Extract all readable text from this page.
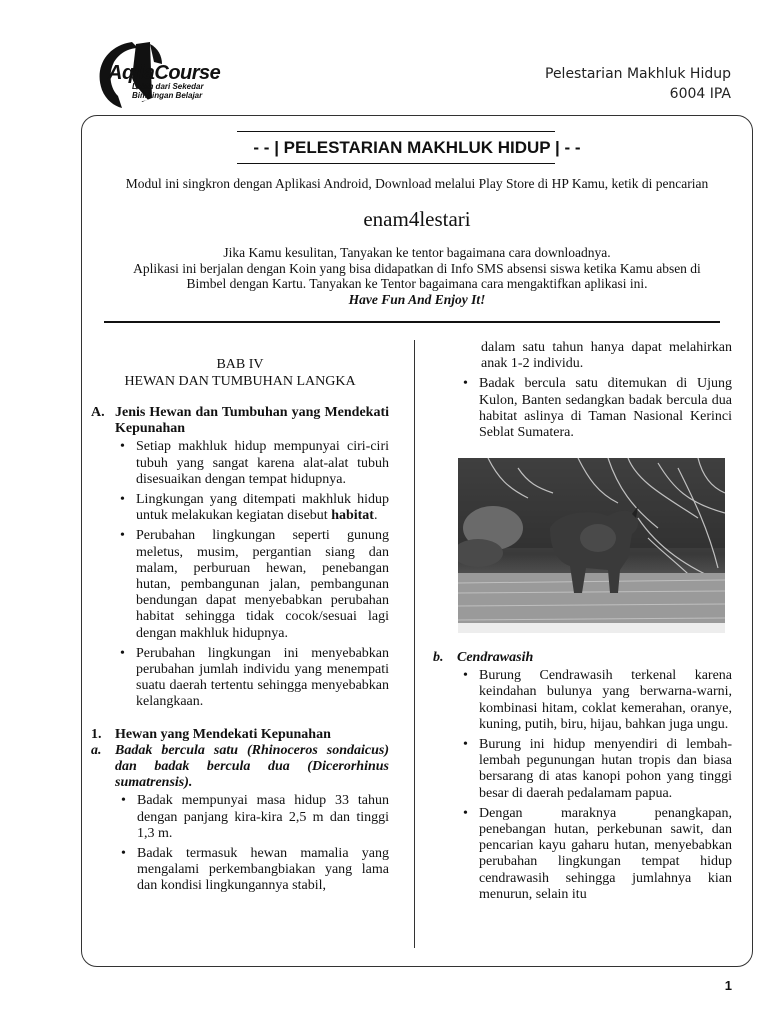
AqilaCourse
Lebih dari Sekedar
Bimbingan Belajar
Pelestarian Makhluk Hidup
6004 IPA
- - | PELESTARIAN MAKHLUK HIDUP | - -
Modul ini singkron dengan Aplikasi Android, Download melalui Play Store di HP Kamu, ketik di pencarian
enam4lestari
Jika Kamu kesulitan, Tanyakan ke tentor bagaimana cara downloadnya.
Aplikasi ini berjalan dengan Koin yang bisa didapatkan di Info SMS absensi siswa ketika Kamu absen di
Bimbel dengan Kartu. Tanyakan ke Tentor bagaimana cara mengaktifkan aplikasi ini.
Have Fun And Enjoy It!
BAB IV
HEWAN DAN TUMBUHAN LANGKA
A. Jenis Hewan dan Tumbuhan yang Mendekati Kepunahan
• Setiap makhluk hidup mempunyai ciri-ciri tubuh yang sangat karena alat-alat tubuh disesuaikan dengan tempat hidupnya.
• Lingkungan yang ditempati makhluk hidup untuk melakukan kegiatan disebut habitat.
• Perubahan lingkungan seperti gunung meletus, musim, pergantian siang dan malam, perburuan hewan, penebangan hutan, pembangunan jalan, pembangunan bendungan dapat menyebabkan perubahan habitat sehingga tidak cocok/sesuai lagi dengan makhluk hidupnya.
• Perubahan lingkungan ini menyebabkan perubahan jumlah individu yang menempati suatu daerah tertentu sehingga menyebabkan kelangkaan.
1. Hewan yang Mendekati Kepunahan
a. Badak bercula satu (Rhinoceros sondaicus) dan badak bercula dua (Dicerorhinus sumatrensis).
• Badak mempunyai masa hidup 33 tahun dengan panjang kira-kira 2,5 m dan tinggi 1,3 m.
• Badak termasuk hewan mamalia yang mengalami perkembangbiakan yang lama dan kondisi lingkungannya stabil,
dalam satu tahun hanya dapat melahirkan anak 1-2 individu.
• Badak bercula satu ditemukan di Ujung Kulon, Banten sedangkan badak bercula dua habitat aslinya di Taman Nasional Kerinci Seblat Sumatera.
b. Cendrawasih
• Burung Cendrawasih terkenal karena keindahan bulunya yang berwarna-warni, kombinasi hitam, coklat kemerahan, oranye, kuning, putih, biru, hijau, bahkan juga ungu.
• Burung ini hidup menyendiri di lembah-lembah pegunungan hutan tropis dan biasa bersarang di atas kanopi pohon yang tinggi besar di daerah pedalamam papua.
• Dengan maraknya penangkapan, penebangan hutan, perkebunan sawit, dan pencarian kayu gaharu hutan, menyebabkan perubahan lingkungan tempat hidup cendrawasih sehingga jumlahnya kian menurun, selain itu
1
